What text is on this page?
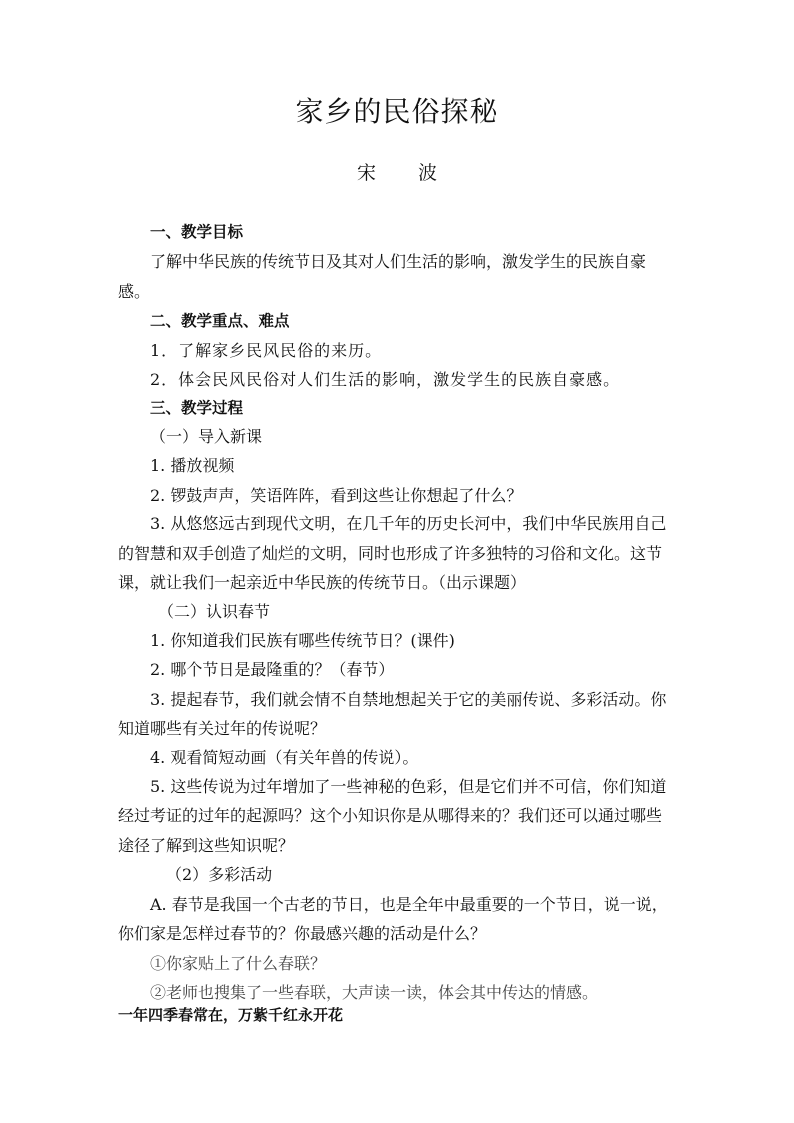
家乡的民俗探秘
宋 波
一、教学目标
了解中华民族的传统节日及其对人们生活的影响，激发学生的民族自豪
感。
二、教学重点、难点
1．了解家乡民风民俗的来历。
2．体会民风民俗对人们生活的影响，激发学生的民族自豪感。
三、教学过程
（一）导入新课
1. 播放视频
2. 锣鼓声声，笑语阵阵，看到这些让你想起了什么？
3. 从悠悠远古到现代文明，在几千年的历史长河中，我们中华民族用自己
的智慧和双手创造了灿烂的文明，同时也形成了许多独特的习俗和文化。这节
课，就让我们一起亲近中华民族的传统节日。（出示课题）
（二）认识春节
1. 你知道我们民族有哪些传统节日？(课件)
2. 哪个节日是最隆重的？（春节）
3. 提起春节，我们就会情不自禁地想起关于它的美丽传说、多彩活动。你
知道哪些有关过年的传说呢？
4. 观看简短动画（有关年兽的传说）。
5. 这些传说为过年增加了一些神秘的色彩，但是它们并不可信，你们知道
经过考证的过年的起源吗？这个小知识你是从哪得来的？我们还可以通过哪些
途径了解到这些知识呢？
（2）多彩活动
A. 春节是我国一个古老的节日，也是全年中最重要的一个节日，说一说，
你们家是怎样过春节的？你最感兴趣的活动是什么？
①你家贴上了什么春联？
②老师也搜集了一些春联，大声读一读，体会其中传达的情感。
一年四季春常在，万紫千红永开花
